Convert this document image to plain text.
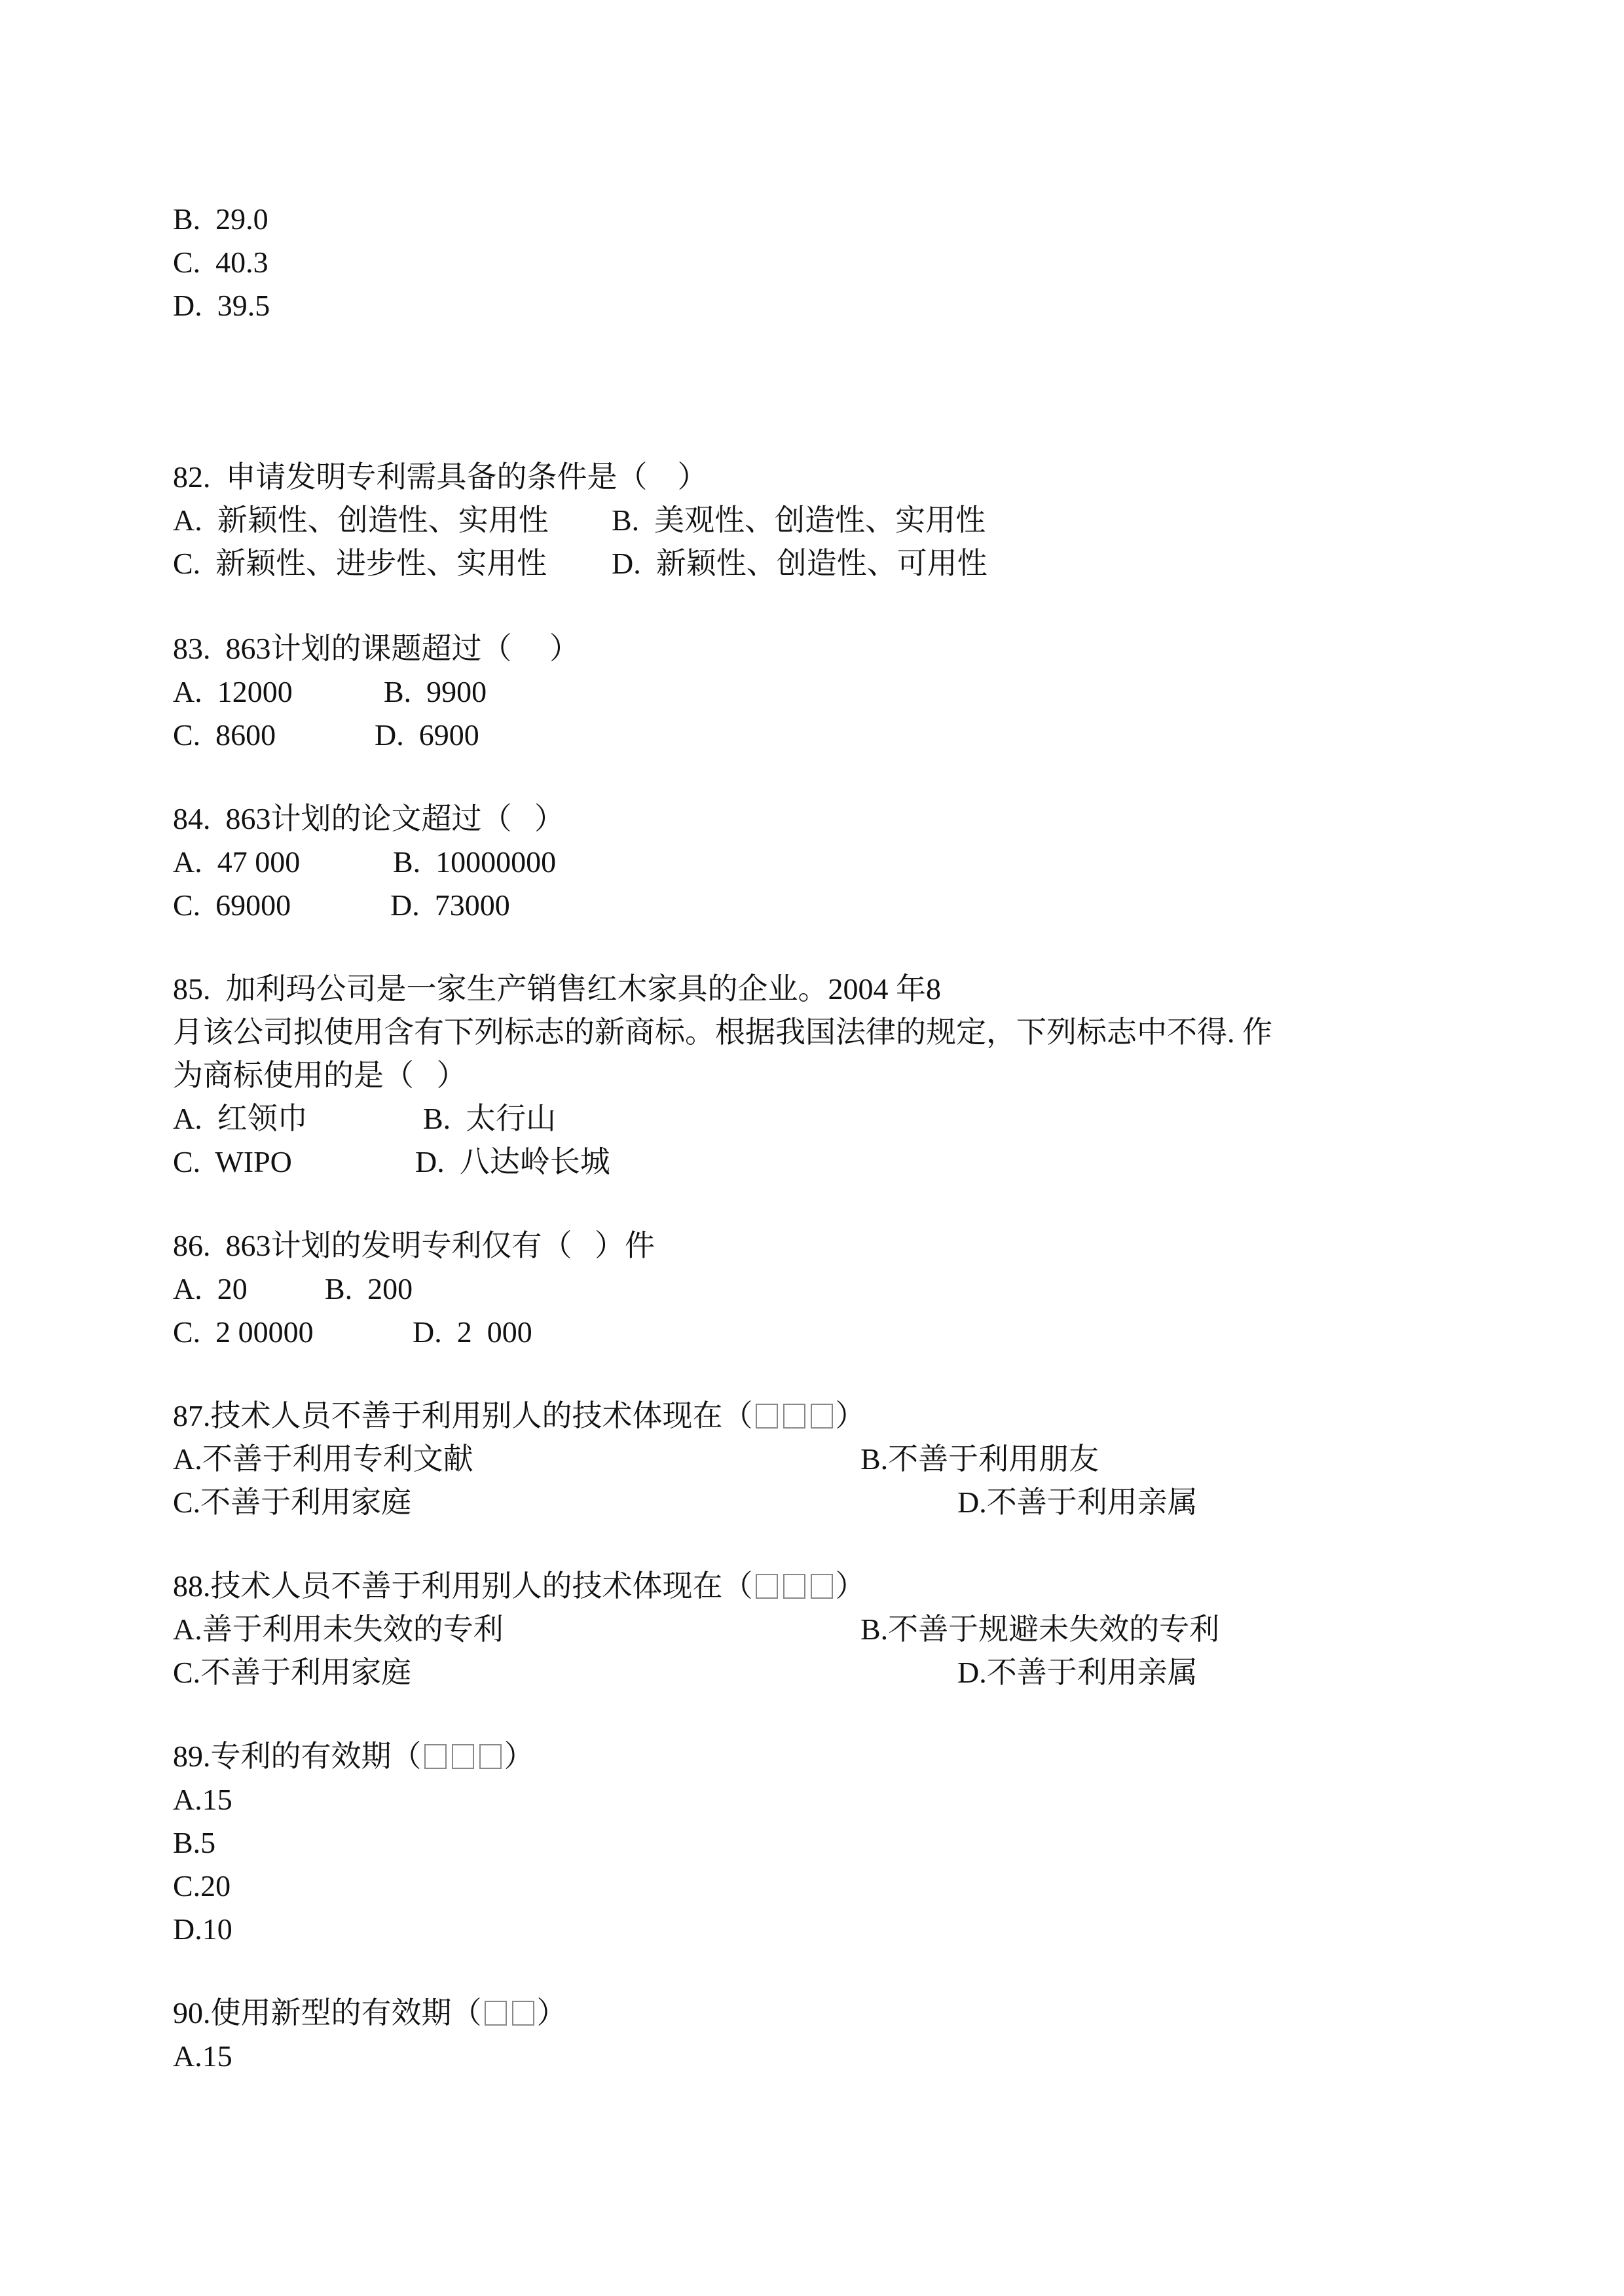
B.  29.0
C.  40.3
D.  39.5
82.  申请发明专利需具备的条件是（    ）
A.  新颖性、创造性、实用性 B.  美观性、创造性、实用性
C.  新颖性、进步性、实用性 D.  新颖性、创造性、可用性
83.  863计划的课题超过（     ）
A.  12000	B.  9900
C.  8600	D.  6900
84.  863计划的论文超过（   ）
A.  47 000	B.  10000000
C.  69000	D.  73000
85.  加利玛公司是一家生产销售红木家具的企业。2004 年8
月该公司拟使用含有下列标志的新商标。根据我国法律的规定，下列标志中不得. 作
为商标使用的是（   ）
A.  红领巾	B.  太行山
C.  WIPO	D.  八达岭长城
86.  863计划的发明专利仅有（   ）件
A.  20	B.  200
C.  2 00000	D.  2  000
87.技术人员不善于利用别人的技术体现在（	）
A.不善于利用专利文献	B.不善于利用朋友
C.不善于利用家庭	D.不善于利用亲属
88.技术人员不善于利用别人的技术体现在（	）
A.善于利用未失效的专利	B.不善于规避未失效的专利
C.不善于利用家庭	D.不善于利用亲属
89.专利的有效期（	）
A.15
B.5
C.20
D.10
90.使用新型的有效期（ ）
A.15
